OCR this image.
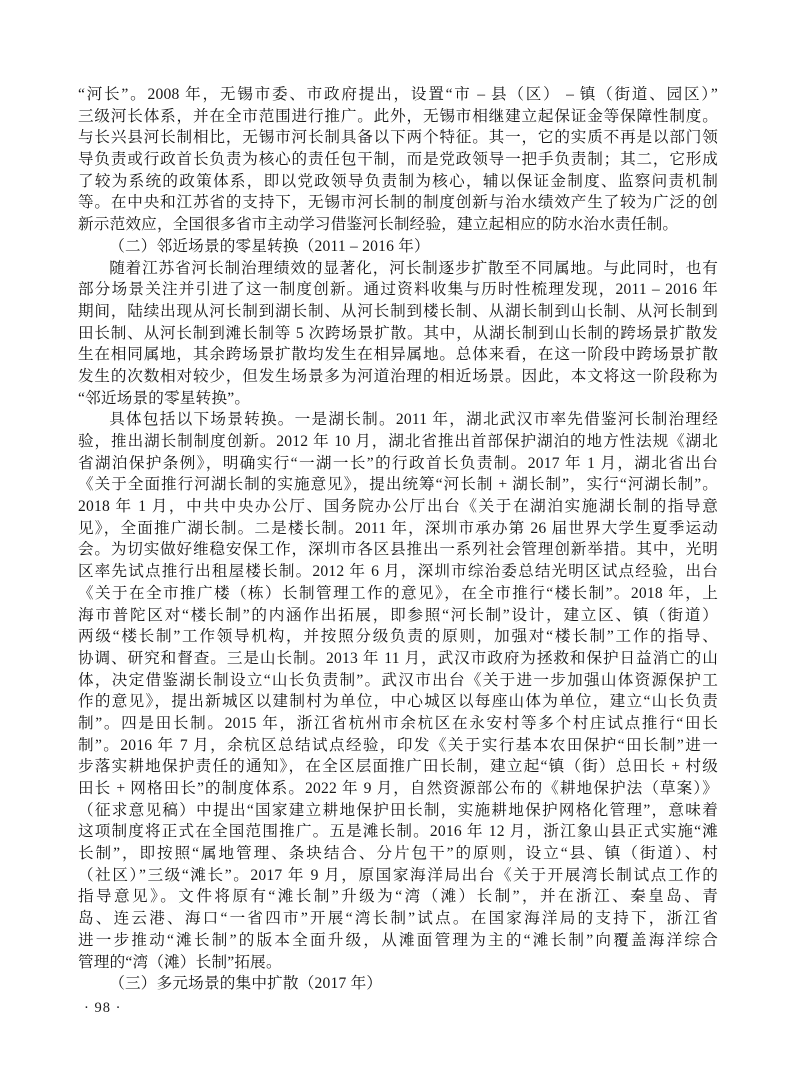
“河长”。2008 年，无锡市委、市政府提出，设置“市 – 县（区） – 镇（街道、园区）”
三级河长体系，并在全市范围进行推广。此外，无锡市相继建立起保证金等保障性制度。
与长兴县河长制相比，无锡市河长制具备以下两个特征。其一，它的实质不再是以部门领
导负责或行政首长负责为核心的责任包干制，而是党政领导一把手负责制；其二，它形成
了较为系统的政策体系，即以党政领导负责制为核心，辅以保证金制度、监察问责机制
等。在中央和江苏省的支持下，无锡市河长制的制度创新与治水绩效产生了较为广泛的创
新示范效应，全国很多省市主动学习借鉴河长制经验，建立起相应的防水治水责任制。
（二）邻近场景的零星转换（2011 – 2016 年）
随着江苏省河长制治理绩效的显著化，河长制逐步扩散至不同属地。与此同时，也有
部分场景关注并引进了这一制度创新。通过资料收集与历时性梳理发现，2011 – 2016 年
期间，陆续出现从河长制到湖长制、从河长制到楼长制、从湖长制到山长制、从河长制到
田长制、从河长制到滩长制等 5 次跨场景扩散。其中，从湖长制到山长制的跨场景扩散发
生在相同属地，其余跨场景扩散均发生在相异属地。总体来看，在这一阶段中跨场景扩散
发生的次数相对较少，但发生场景多为河道治理的相近场景。因此，本文将这一阶段称为
“邻近场景的零星转换”。
具体包括以下场景转换。一是湖长制。2011 年，湖北武汉市率先借鉴河长制治理经
验，推出湖长制制度创新。2012 年 10 月，湖北省推出首部保护湖泊的地方性法规《湖北
省湖泊保护条例》，明确实行“一湖一长”的行政首长负责制。2017 年 1 月，湖北省出台
《关于全面推行河湖长制的实施意见》，提出统筹“河长制 + 湖长制”，实行“河湖长制”。
2018 年 1 月，中共中央办公厅、国务院办公厅出台《关于在湖泊实施湖长制的指导意
见》，全面推广湖长制。二是楼长制。2011 年，深圳市承办第 26 届世界大学生夏季运动
会。为切实做好维稳安保工作，深圳市各区县推出一系列社会管理创新举措。其中，光明
区率先试点推行出租屋楼长制。2012 年 6 月，深圳市综治委总结光明区试点经验，出台
《关于在全市推广楼（栋）长制管理工作的意见》，在全市推行“楼长制”。2018 年，上
海市普陀区对“楼长制”的内涵作出拓展，即参照“河长制”设计，建立区、镇（街道）
两级“楼长制”工作领导机构，并按照分级负责的原则，加强对“楼长制”工作的指导、
协调、研究和督查。三是山长制。2013 年 11 月，武汉市政府为拯救和保护日益消亡的山
体，决定借鉴湖长制设立“山长负责制”。武汉市出台《关于进一步加强山体资源保护工
作的意见》，提出新城区以建制村为单位，中心城区以每座山体为单位，建立“山长负责
制”。四是田长制。2015 年，浙江省杭州市余杭区在永安村等多个村庄试点推行“田长
制”。2016 年 7 月，余杭区总结试点经验，印发《关于实行基本农田保护“田长制”进一
步落实耕地保护责任的通知》，在全区层面推广田长制，建立起“镇（街）总田长 + 村级
田长 + 网格田长”的制度体系。2022 年 9 月，自然资源部公布的《耕地保护法（草案）》
（征求意见稿）中提出“国家建立耕地保护田长制，实施耕地保护网格化管理”，意味着
这项制度将正式在全国范围推广。五是滩长制。2016 年 12 月，浙江象山县正式实施“滩
长制”，即按照“属地管理、条块结合、分片包干”的原则，设立“县、镇（街道）、村
（社区）”三级“滩长”。2017 年 9 月，原国家海洋局出台《关于开展湾长制试点工作的
指导意见》。文件将原有“滩长制”升级为“湾（滩）长制”，并在浙江、秦皇岛、青
岛、连云港、海口“一省四市”开展“湾长制”试点。在国家海洋局的支持下，浙江省
进一步推动“滩长制”的版本全面升级，从滩面管理为主的“滩长制”向覆盖海洋综合
管理的“湾（滩）长制”拓展。
（三）多元场景的集中扩散（2017 年）
· 98 ·
